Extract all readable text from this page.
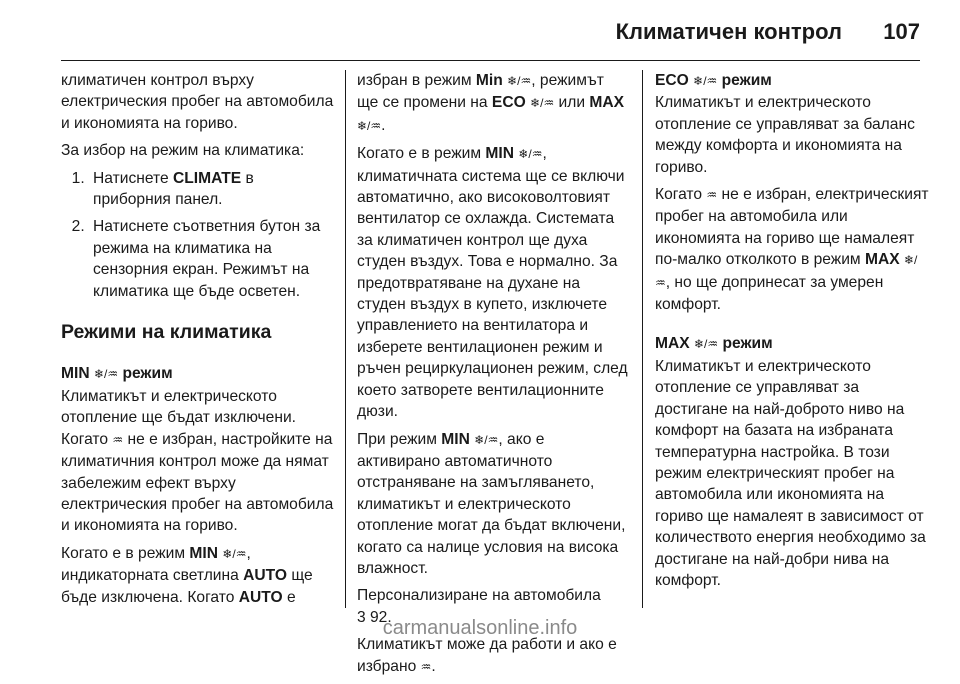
Климатичен контрол 107

климатичен контрол върху електрическия пробег на автомобила и икономията на гориво.

За избор на режим на климатика:

1. Натиснете CLIMATE в приборния панел.
2. Натиснете съответния бутон за режима на климатика на сензорния екран. Режимът на климатика ще бъде осветен.
Режими на климатика
MIN ❄/♒ режим

Климатикът и електрическото отопление ще бъдат изключени. Когато ♒ не е избран, настройките на климатичния контрол може да нямат забележим ефект върху електрическия пробег на автомобила и икономията на гориво.

Когато е в режим MIN ❄/♒, индикаторната светлина AUTO ще бъде изключена. Когато AUTO е

избран в режим Min ❄/♒, режимът ще се промени на ECO ❄/♒ или MAX ❄/♒.

Когато е в режим MIN ❄/♒, климатичната система ще се включи автоматично, ако високоволтовият вентилатор се охлажда. Системата за климатичен контрол ще духа студен въздух. Това е нормално. За предотвратяване на духане на студен въздух в купето, изключете управлението на вентилатора и изберете вентилационен режим и ръчен рециркулационен режим, след което затворете вентилационните дюзи.

При режим MIN ❄/♒, ако е активирано автоматичното отстраняване на замъгляването, климатикът и електрическото отопление могат да бъдат включени, когато са налице условия на висока влажност.

Персонализиране на автомобила
3 92.

Климатикът може да работи и ако е избрано ♒.

ECO ❄/♒ режим

Климатикът и електрическото отопление се управляват за баланс между комфорта и икономията на гориво.

Когато ♒ не е избран, електрическият пробег на автомобила или икономията на гориво ще намалеят по-малко отколкото в режим MAX ❄/♒, но ще допринесат за умерен комфорт.

MAX ❄/♒ режим

Климатикът и електрическото отопление се управляват за достигане на най-доброто ниво на комфорт на базата на избраната температурна настройка. В този режим електрическият пробег на автомобила или икономията на гориво ще намалеят в зависимост от количеството енергия необходимо за достигане на най-добри нива на комфорт.

carmanualsonline.info
